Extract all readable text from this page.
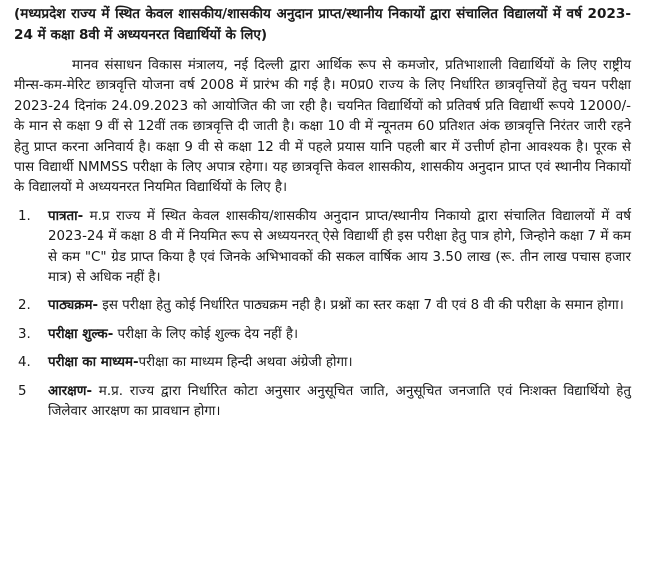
(मध्यप्रदेश राज्य में स्थित केवल शासकीय/शासकीय अनुदान प्राप्त/स्थानीय निकायों द्वारा संचालित विद्यालयों में वर्ष 2023-24 में कक्षा 8वी में अध्ययनरत विद्यार्थियों के लिए)
मानव संसाधन विकास मंत्रालय, नई दिल्ली द्वारा आर्थिक रूप से कमजोर, प्रतिभाशाली विद्यार्थियों के लिए राष्ट्रीय मीन्स-कम-मेरिट छात्रवृत्ति योजना वर्ष 2008 में प्रारंभ की गई है। म0प्र0 राज्य के लिए निर्धारित छात्रवृत्तियों हेतु चयन परीक्षा 2023-24 दिनांक 24.09.2023 को आयोजित की जा रही है। चयनित विद्यार्थियों को प्रतिवर्ष प्रति विद्यार्थी रूपये 12000/- के मान से कक्षा 9 वीं से 12वीं तक छात्रवृत्ति दी जाती है। कक्षा 10 वी में न्यूनतम 60 प्रतिशत अंक छात्रवृत्ति निरंतर जारी रहने हेतु प्राप्त करना अनिवार्य है। कक्षा 9 वी से कक्षा 12 वी में पहले प्रयास यानि पहली बार में उत्तीर्ण होना आवश्यक है। पूरक से पास विद्यार्थी NMMSS परीक्षा के लिए अपात्र रहेगा। यह छात्रवृत्ति केवल शासकीय, शासकीय अनुदान प्राप्त एवं स्थानीय निकायों के विद्यालयों मे अध्ययनरत नियमित विद्यार्थियों के लिए है।
1.	पात्रता- म.प्र राज्य में स्थित केवल शासकीय/शासकीय अनुदान प्राप्त/स्थानीय निकायो द्वारा संचालित विद्यालयों में वर्ष 2023-24 में कक्षा 8 वी में नियमित रूप से अध्ययनरत् ऐसे विद्यार्थी ही इस परीक्षा हेतु पात्र होगे, जिन्होने कक्षा 7 में कम से कम "C" ग्रेड प्राप्त किया है एवं जिनके अभिभावकों की सकल वार्षिक आय 3.50 लाख (रू. तीन लाख पचास हजार मात्र) से अधिक नहीं है।
2.	पाठ्यक्रम- इस परीक्षा हेतु कोई निर्धारित पाठ्यक्रम नही है। प्रश्नों का स्तर कक्षा 7 वी एवं 8 वी की परीक्षा के समान होगा।
3.	परीक्षा शुल्क- परीक्षा के लिए कोई शुल्क देय नहीं है।
4.	परीक्षा का माध्यम-परीक्षा का माध्यम हिन्दी अथवा अंग्रेजी होगा।
5	आरक्षण- म.प्र. राज्य द्वारा निर्धारित कोटा अनुसार अनुसूचित जाति, अनुसूचित जनजाति एवं निःशक्त विद्यार्थियो हेतु जिलेवार आरक्षण का प्रावधान होगा।
